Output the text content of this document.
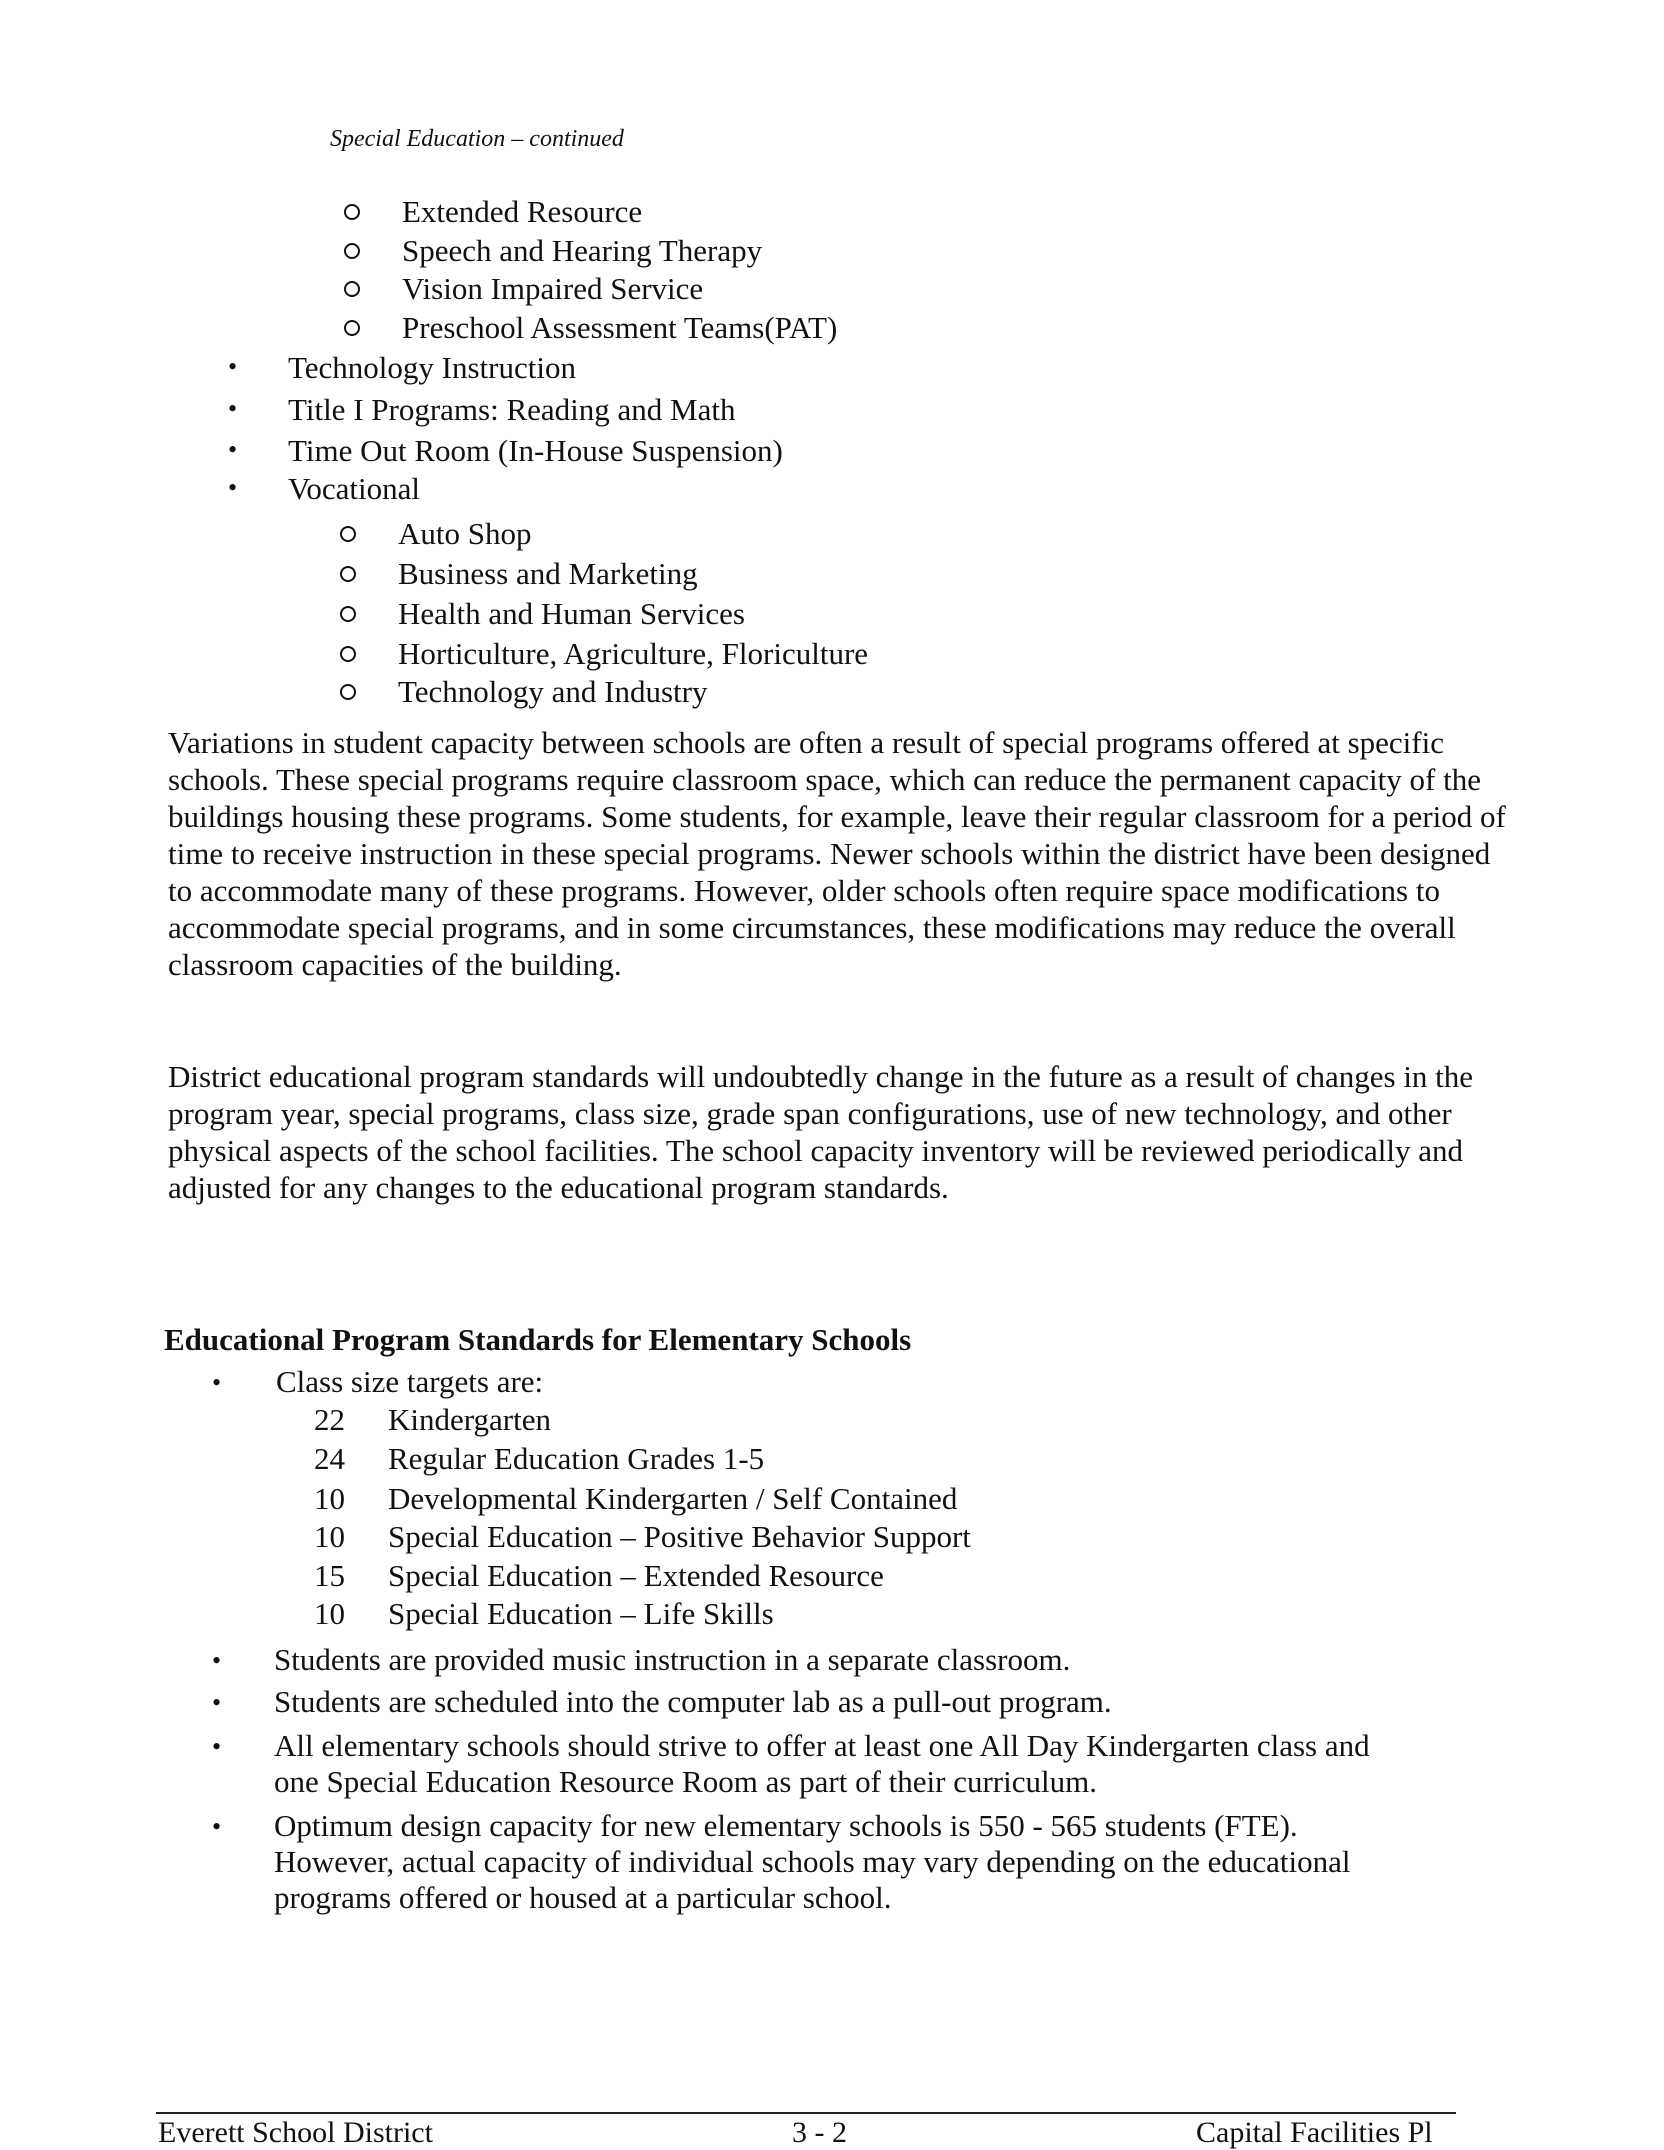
Special Education – continued
Extended Resource
Speech and Hearing Therapy
Vision Impaired Service
Preschool Assessment Teams(PAT)
• Technology Instruction
• Title I Programs: Reading and Math
• Time Out Room (In-House Suspension)
• Vocational
Auto Shop
Business and Marketing
Health and Human Services
Horticulture, Agriculture, Floriculture
Technology and Industry

Variations in student capacity between schools are often a result of special programs offered at specific schools. These special programs require classroom space, which can reduce the permanent capacity of the buildings housing these programs. Some students, for example, leave their regular classroom for a period of time to receive instruction in these special programs. Newer schools within the district have been designed to accommodate many of these programs. However, older schools often require space modifications to accommodate special programs, and in some circumstances, these modifications may reduce the overall classroom capacities of the building.

District educational program standards will undoubtedly change in the future as a result of changes in the program year, special programs, class size, grade span configurations, use of new technology, and other physical aspects of the school facilities. The school capacity inventory will be reviewed periodically and adjusted for any changes to the educational program standards.

Educational Program Standards for Elementary Schools
• Class size targets are:
22 Kindergarten
24 Regular Education Grades 1-5
10 Developmental Kindergarten / Self Contained
10 Special Education – Positive Behavior Support
15 Special Education – Extended Resource
10 Special Education – Life Skills
• Students are provided music instruction in a separate classroom.
• Students are scheduled into the computer lab as a pull-out program.
• All elementary schools should strive to offer at least one All Day Kindergarten class and
one Special Education Resource Room as part of their curriculum.
• Optimum design capacity for new elementary schools is 550 - 565 students (FTE).
However, actual capacity of individual schools may vary depending on the educational
programs offered or housed at a particular school.
Everett School District	3 - 2	Capital Facilities Pl
